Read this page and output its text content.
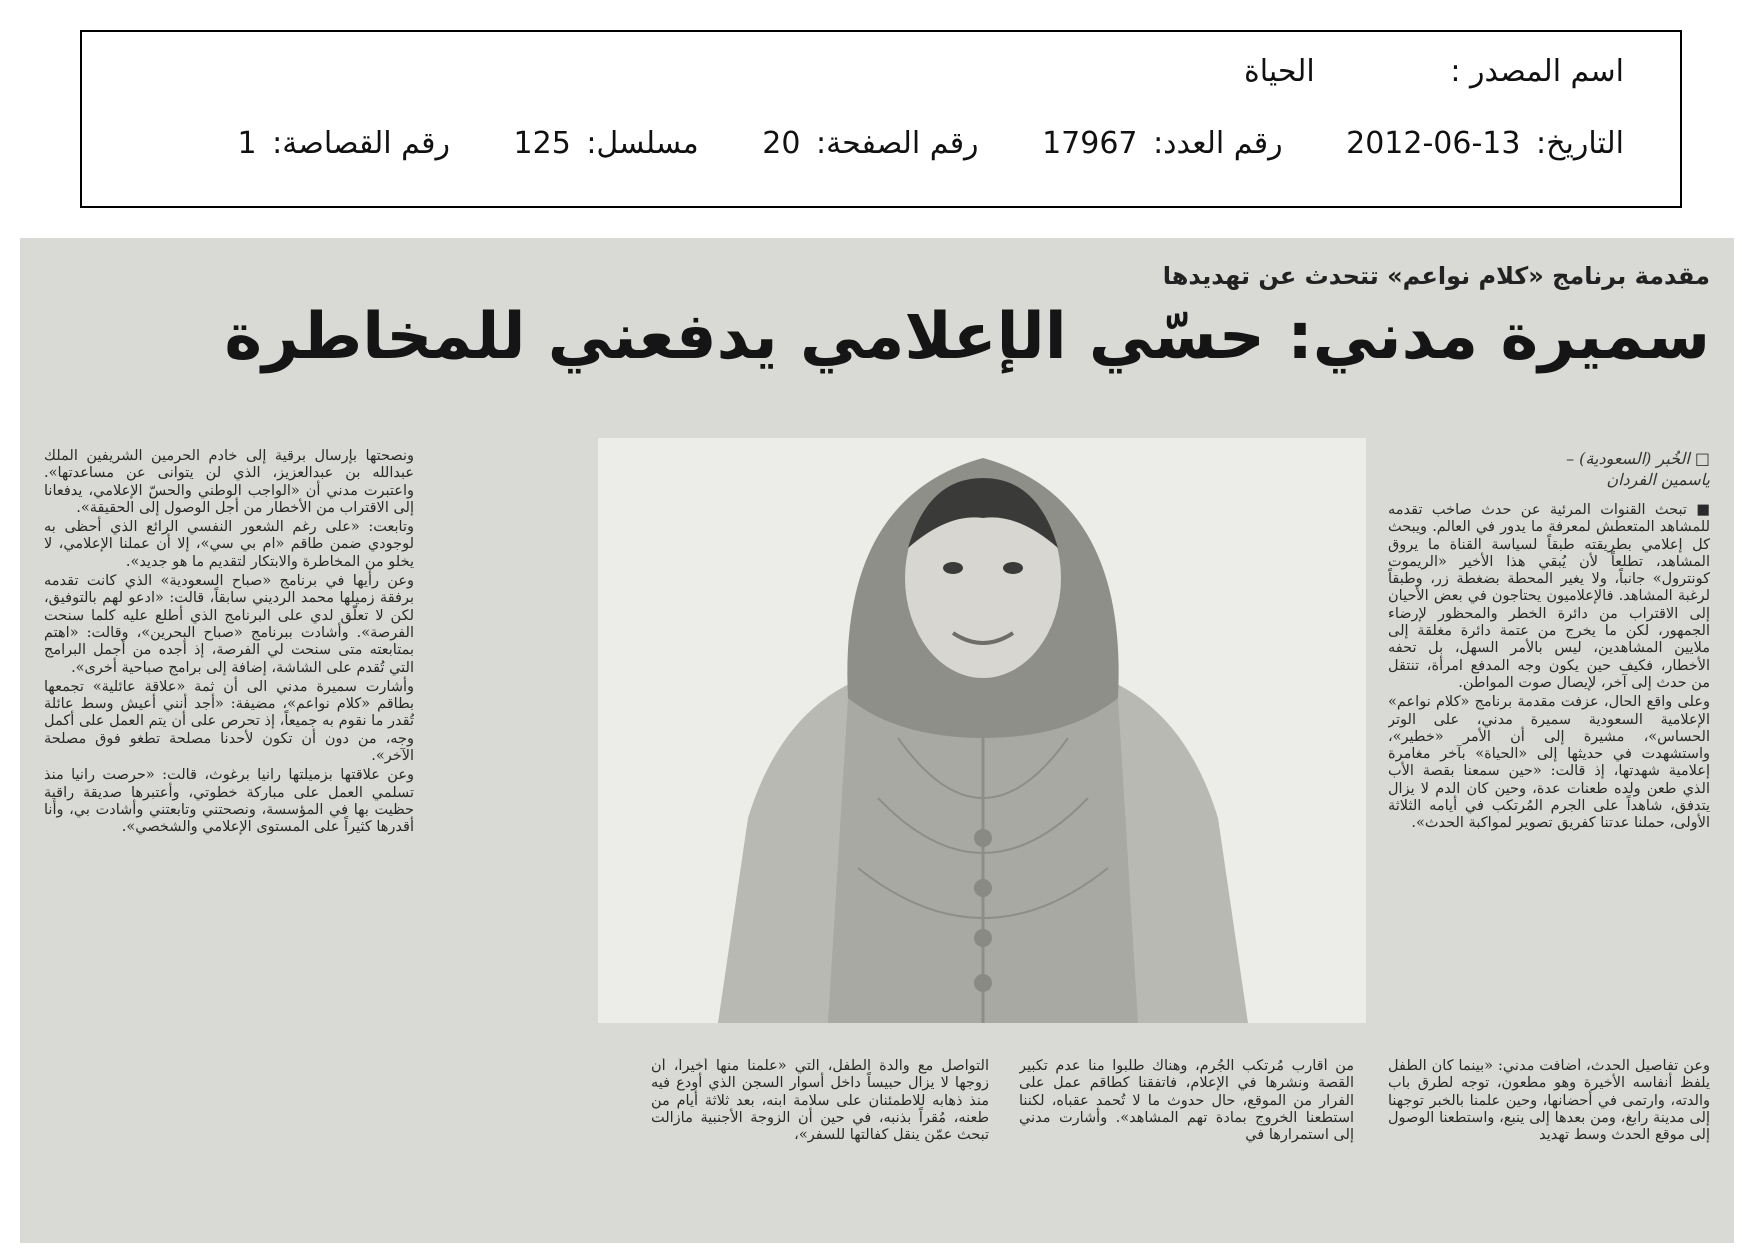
اسم المصدر : الحياة
التاريخ: 2012-06-13 رقم العدد: 17967 رقم الصفحة: 20 مسلسل: 125 رقم القصاصة: 1
مقدمة برنامج «كلام نواعم» تتحدث عن تهديدها
سميرة مدني: حسّي الإعلامي يدفعني للمخاطرة
□ الخُبر (السعودية) –
ياسمين الفردان

■ تبحث القنوات المرئية عن حدث صاخب تقدمه للمشاهد المتعطش لمعرفة ما يدور في العالم. ويبحث كل إعلامي بطريقته طبقاً لسياسة القناة ما يروق المشاهد، تطلعاً لأن يُبقي هذا الأخير «الريموت كونترول» جانباً، ولا يغير المحطة بضغطة زر، وطبقاً لرغبة المشاهد. فالإعلاميون يحتاجون في بعض الأحيان إلى الاقتراب من دائرة الخطر والمحظور لإرضاء الجمهور، لكن ما يخرج من عتمة دائرة مغلقة إلى ملايين المشاهدين، ليس بالأمر السهل، بل تحفه الأخطار، فكيف حين يكون وجه المدفع امرأة، تنتقل من حدث إلى آخر، لإيصال صوت المواطن.

وعلى واقع الحال، عزفت مقدمة برنامج «كلام نواعم» الإعلامية السعودية سميرة مدني، على الوتر الحساس»، مشيرة إلى أن الأمر «خطير»، واستشهدت في حديثها إلى «الحياة» بآخر مغامرة إعلامية شهدتها، إذ قالت: «حين سمعنا بقصة الأب الذي طعن ولده طعنات عدة، وحين كان الدم لا يزال يتدفق، شاهداً على الجرم المُرتكب في أيامه الثلاثة الأولى، حملنا عدتنا كفريق تصوير لمواكبة الحدث».

ونصحتها بإرسال برقية إلى خادم الحرمين الشريفين الملك عبدالله بن عبدالعزيز، الذي لن يتوانى عن مساعدتها». واعتبرت مدني أن «الواجب الوطني والحسّ الإعلامي، يدفعانا إلى الاقتراب من الأخطار من أجل الوصول إلى الحقيقة».

وتابعت: «على رغم الشعور النفسي الرائع الذي أحظى به لوجودي ضمن طاقم «ام بي سي»، إلا أن عملنا الإعلامي، لا يخلو من المخاطرة والابتكار لتقديم ما هو جديد».

وعن رأيها في برنامج «صباح السعودية» الذي كانت تقدمه برفقة زميلها محمد الرديني سابقاً، قالت: «ادعو لهم بالتوفيق، لكن لا تعلّق لدي على البرنامج الذي أطلع عليه كلما سنحت الفرصة». وأشادت ببرنامج «صباح البحرين»، وقالت: «اهتم بمتابعته متى سنحت لي الفرصة، إذ أجده من أجمل البرامج التي تُقدم على الشاشة، إضافة إلى برامج صباحية أخرى».

وأشارت سميرة مدني الى أن ثمة «علاقة عائلية» تجمعها بطاقم «كلام نواعم»، مضيفة: «أجد أنني أعيش وسط عائلة تُقدر ما نقوم به جميعاً، إذ تحرص على أن يتم العمل على أكمل وجه، من دون أن تكون لأحدنا مصلحة تطغو فوق مصلحة الآخر».

وعن علاقتها بزميلتها رانيا برغوث، قالت: «حرصت رانيا منذ تسلمي العمل على مباركة خطوتي، وأعتبرها صديقة راقية حظيت بها في المؤسسة، ونصحتني وتابعتني وأشادت بي، وأنا أقدرها كثيراً على المستوى الإعلامي والشخصي».

وعن تفاصيل الحدث، أضافت مدني: «بينما كان الطفل يلفظ أنفاسه الأخيرة وهو مطعون، توجه لطرق باب والدته، وارتمى في أحضانها، وحين علمنا بالخبر توجهنا إلى مدينة رابغ، ومن بعدها إلى ينبع، واستطعنا الوصول إلى موقع الحدث وسط تهديد

من أقارب مُرتكب الجُرم، وهناك طلبوا منا عدم تكبير القصة ونشرها في الإعلام، فاتفقنا كطاقم عمل على الفرار من الموقع، حال حدوث ما لا تُحمد عقباه، لكننا استطعنا الخروج بمادة تهم المشاهد». وأشارت مدني إلى استمرارها في

التواصل مع والدة الطفل، التي «علمنا منها أخيراً، أن زوجها لا يزال حبيساً داخل أسوار السجن الذي أودع فيه منذ ذهابه للاطمئنان على سلامة ابنه، بعد ثلاثة أيام من طعنه، مُقراً بذنبه، في حين أن الزوجة الأجنبية مازالت تبحث عمّن ينقل كفالتها للسفر»،
